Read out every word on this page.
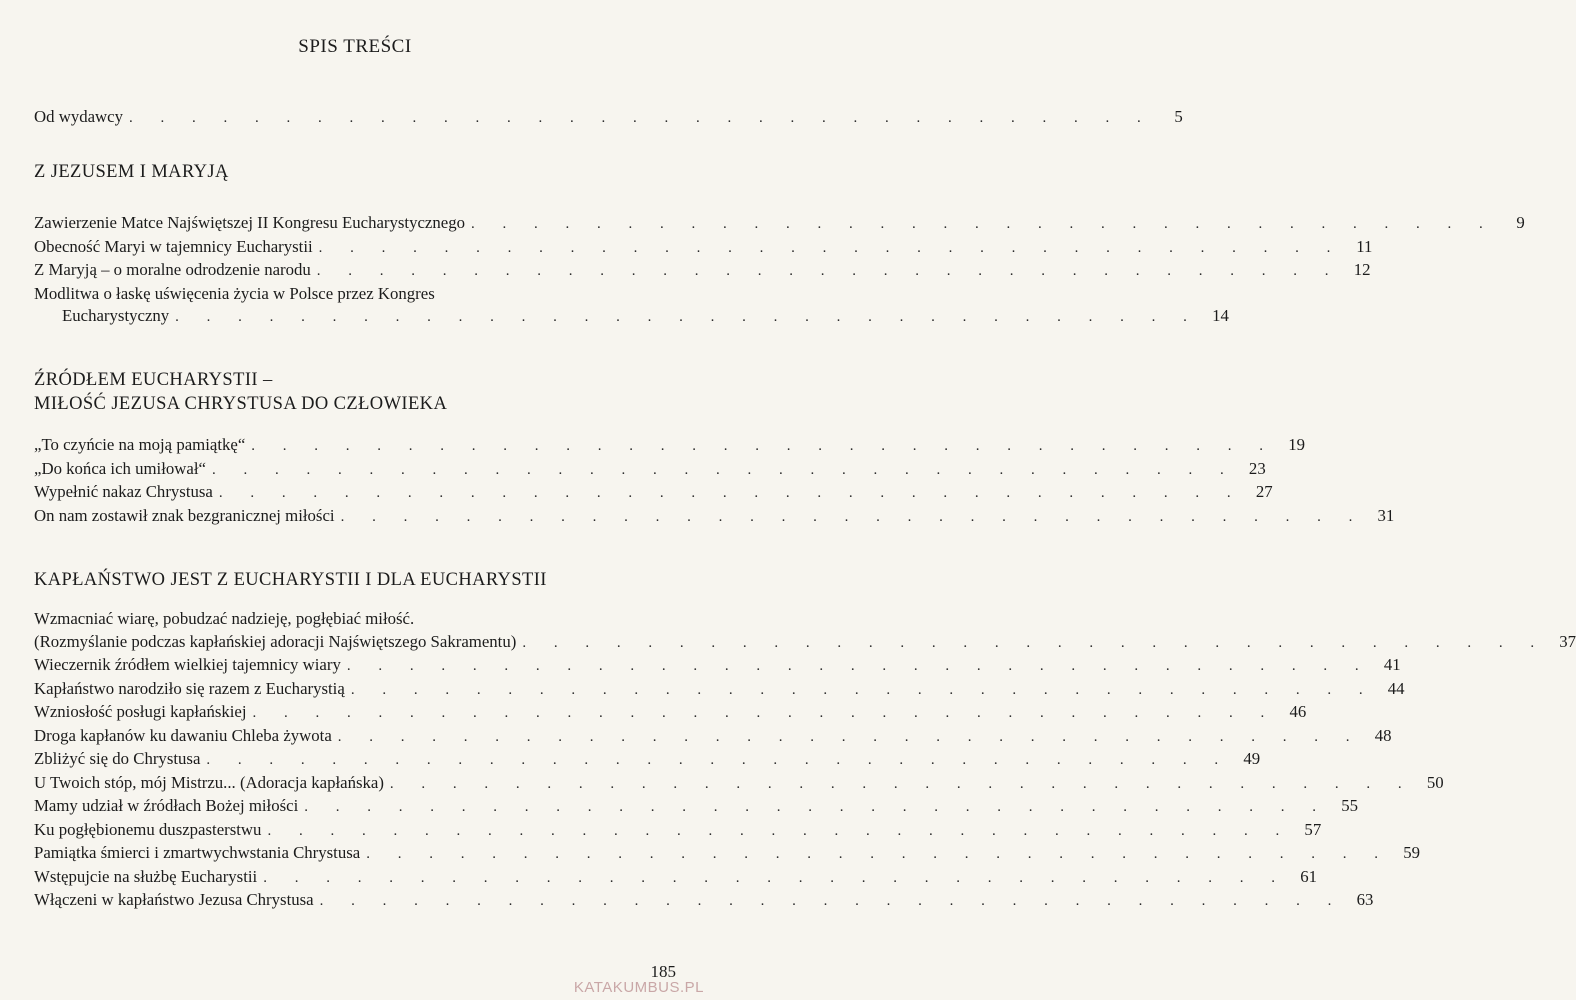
SPIS TREŚCI
Od wydawcy . . . . . . . . . . . . . . . . . . . . . . . . . . . . . . . . .	5
Z JEZUSEM I MARYJĄ
Zawierzenie Matce Najświętszej II Kongresu Eucharystycznego . . . . . . . . . . . . . . . . . . . . . . . . . . . . . . . . .	9
Obecność Maryi w tajemnicy Eucharystii . . . . . . . . . . . . . . . . . . . . . . . . . . . . . . . . . 11
Z Maryją – o moralne odrodzenie narodu . . . . . . . . . . . . . . . . . . . . . . . . . . . . . . . . . 12
Modlitwa o łaskę uświęcenia życia w Polsce przez Kongres
Eucharystyczny . . . . . . . . . . . . . . . . . . . . . . . . . . . . . . . . . 14
ŹRÓDŁEM EUCHARYSTII –
MIŁOŚĆ JEZUSA CHRYSTUSA DO CZŁOWIEKA
„To czyńcie na moją pamiątkę“ . . . . . . . . . . . . . . . . . . . . . . . . . . . . . . . . . 19
„Do końca ich umiłował“ . . . . . . . . . . . . . . . . . . . . . . . . . . . . . . . . . 23
Wypełnić nakaz Chrystusa . . . . . . . . . . . . . . . . . . . . . . . . . . . . . . . . . 27
On nam zostawił znak bezgranicznej miłości . . . . . . . . . . . . . . . . . . . . . . . . . . . . . . . . . 31
KAPŁAŃSTWO JEST Z EUCHARYSTII I DLA EUCHARYSTII
Wzmacniać wiarę, pobudzać nadzieję, pogłębiać miłość.
(Rozmyślanie podczas kapłańskiej adoracji Najświętszego Sakramentu) . . . . . . . . . . . . . . . . . . . . . . . . . . . . . . . . . 37
Wieczernik źródłem wielkiej tajemnicy wiary . . . . . . . . . . . . . . . . . . . . . . . . . . . . . . . . . 41
Kapłaństwo narodziło się razem z Eucharystią . . . . . . . . . . . . . . . . . . . . . . . . . . . . . . . . . 44
Wzniosłość posługi kapłańskiej . . . . . . . . . . . . . . . . . . . . . . . . . . . . . . . . . 46
Droga kapłanów ku dawaniu Chleba żywota . . . . . . . . . . . . . . . . . . . . . . . . . . . . . . . . . 48
Zbliżyć się do Chrystusa . . . . . . . . . . . . . . . . . . . . . . . . . . . . . . . . . 49
U Twoich stóp, mój Mistrzu... (Adoracja kapłańska) . . . . . . . . . . . . . . . . . . . . . . . . . . . . . . . . . 50
Mamy udział w źródłach Bożej miłości . . . . . . . . . . . . . . . . . . . . . . . . . . . . . . . . . 55
Ku pogłębionemu duszpasterstwu . . . . . . . . . . . . . . . . . . . . . . . . . . . . . . . . . 57
Pamiątka śmierci i zmartwychwstania Chrystusa . . . . . . . . . . . . . . . . . . . . . . . . . . . . . . . . . 59
Wstępujcie na służbę Eucharystii . . . . . . . . . . . . . . . . . . . . . . . . . . . . . . . . . 61
Włączeni w kapłaństwo Jezusa Chrystusa . . . . . . . . . . . . . . . . . . . . . . . . . . . . . . . . . 63
185
KATAKUMBUS.PL
